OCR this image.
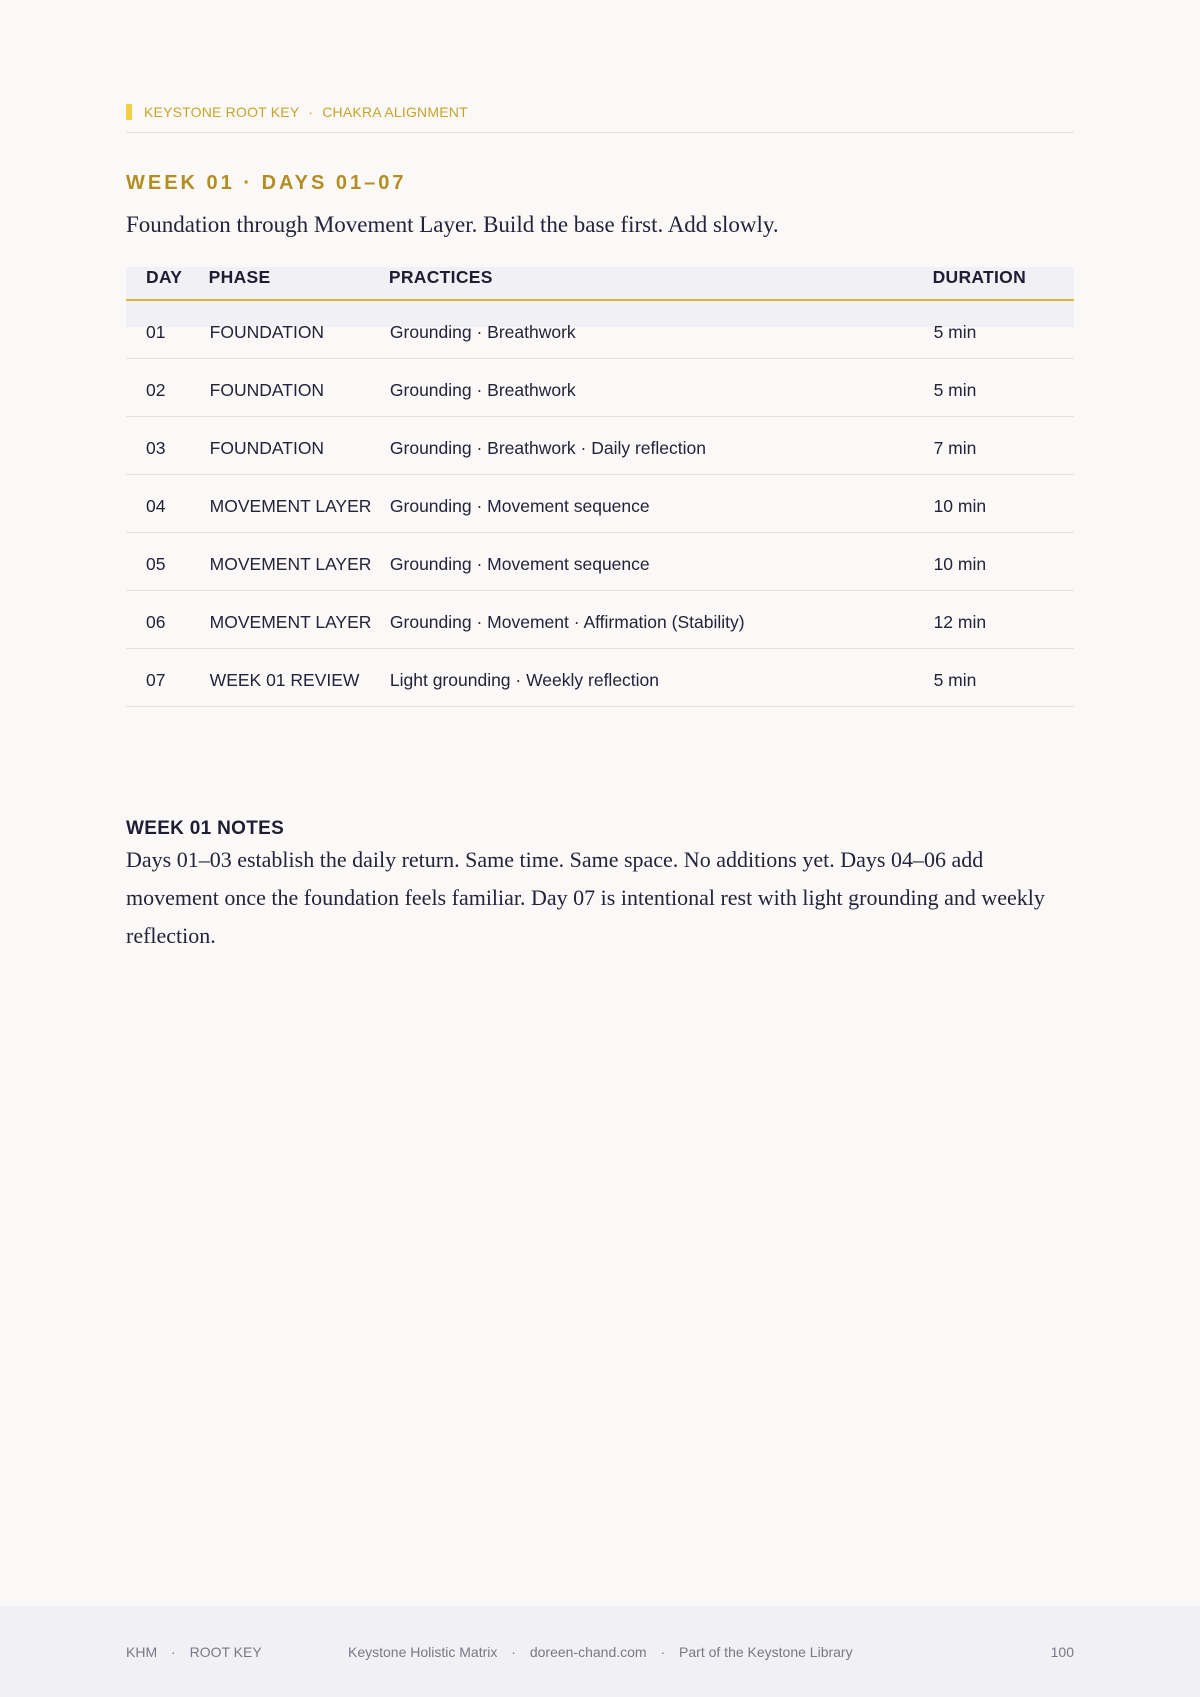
KEYSTONE ROOT KEY · CHAKRA ALIGNMENT
WEEK 01 · DAYS 01–07
Foundation through Movement Layer. Build the base first. Add slowly.
DAY	PHASE	PRACTICES	DURATION
01	FOUNDATION	Grounding · Breathwork	5 min
02	FOUNDATION	Grounding · Breathwork	5 min
03	FOUNDATION	Grounding · Breathwork · Daily reflection	7 min
04	MOVEMENT LAYER	Grounding · Movement sequence	10 min
05	MOVEMENT LAYER	Grounding · Movement sequence	10 min
06	MOVEMENT LAYER	Grounding · Movement · Affirmation (Stability)	12 min
07	WEEK 01 REVIEW	Light grounding · Weekly reflection	5 min
WEEK 01 NOTES
Days 01–03 establish the daily return. Same time. Same space. No additions yet. Days 04–06 add movement once the foundation feels familiar. Day 07 is intentional rest with light grounding and weekly reflection.
KHM · ROOT KEY	Keystone Holistic Matrix · doreen-chand.com · Part of the Keystone Library	100
